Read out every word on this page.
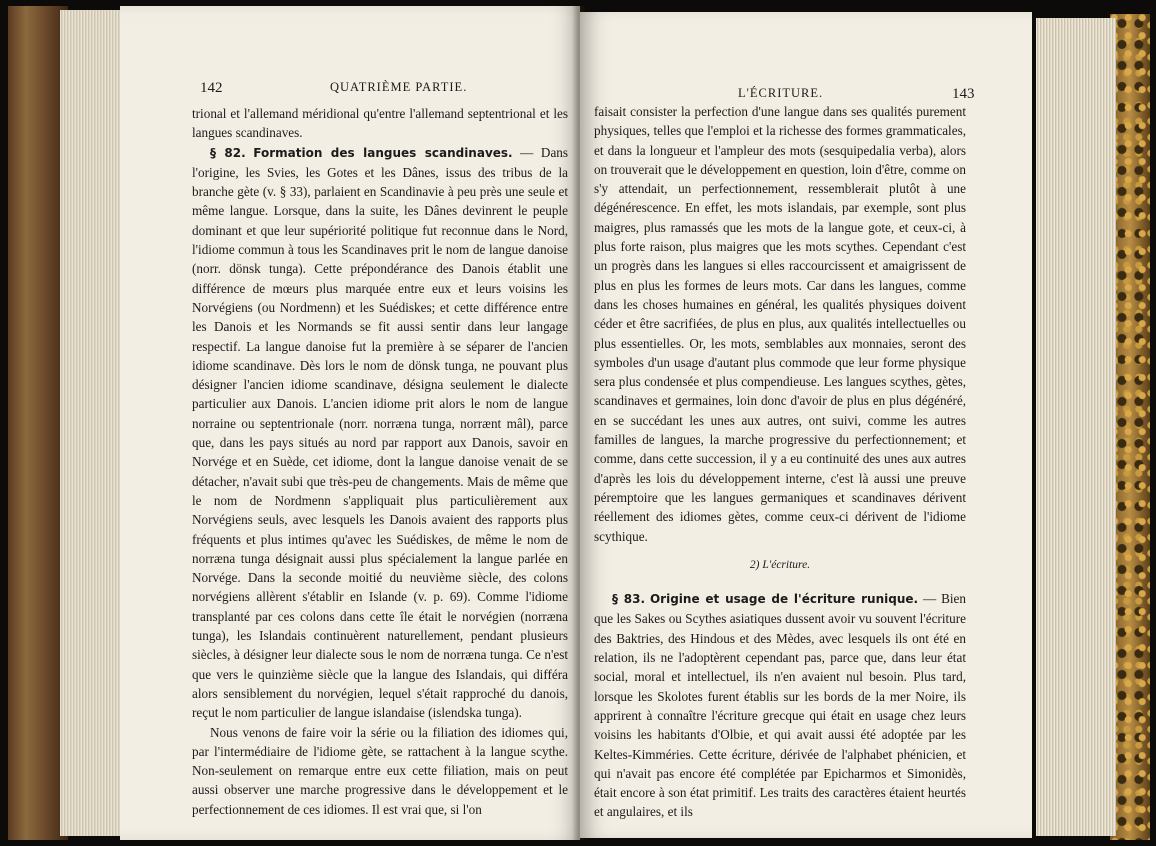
142	QUATRIÈME PARTIE.

trional et l'allemand méridional qu'entre l'allemand septentrional et les langues scandinaves.

§ 82. Formation des langues scandinaves. — Dans l'origine, les Svies, les Gotes et les Dânes, issus des tribus de la branche gète (v. § 33), parlaient en Scandinavie à peu près une seule et même langue. Lorsque, dans la suite, les Dânes devinrent le peuple dominant et que leur supériorité politique fut reconnue dans le Nord, l'idiome commun à tous les Scandinaves prit le nom de langue danoise (norr. dönsk tunga). Cette prépondérance des Danois établit une différence de mœurs plus marquée entre eux et leurs voisins les Norvégiens (ou Nordmenn) et les Suédiskes; et cette différence entre les Danois et les Normands se fit aussi sentir dans leur langage respectif. La langue danoise fut la première à se séparer de l'ancien idiome scandinave. Dès lors le nom de dönsk tunga, ne pouvant plus désigner l'ancien idiome scandinave, désigna seulement le dialecte particulier aux Danois. L'ancien idiome prit alors le nom de langue norraine ou septentrionale (norr. norræna tunga, norrænt mâl), parce que, dans les pays situés au nord par rapport aux Danois, savoir en Norvége et en Suède, cet idiome, dont la langue danoise venait de se détacher, n'avait subi que très-peu de changements. Mais de même que le nom de Nordmenn s'appliquait plus particulièrement aux Norvégiens seuls, avec lesquels les Danois avaient des rapports plus fréquents et plus intimes qu'avec les Suédiskes, de même le nom de norræna tunga désignait aussi plus spécialement la langue parlée en Norvége. Dans la seconde moitié du neuvième siècle, des colons norvégiens allèrent s'établir en Islande (v. p. 69). Comme l'idiome transplanté par ces colons dans cette île était le norvégien (norræna tunga), les Islandais continuèrent naturellement, pendant plusieurs siècles, à désigner leur dialecte sous le nom de norræna tunga. Ce n'est que vers le quinzième siècle que la langue des Islandais, qui différa alors sensiblement du norvégien, lequel s'était rapproché du danois, reçut le nom particulier de langue islandaise (islendska tunga).

Nous venons de faire voir la série ou la filiation des idiomes qui, par l'intermédiaire de l'idiome gète, se rattachent à la langue scythe. Non-seulement on remarque entre eux cette filiation, mais on peut aussi observer une marche progressive dans le développement et le perfectionnement de ces idiomes. Il est vrai que, si l'on

L'ÉCRITURE.	143

faisait consister la perfection d'une langue dans ses qualités purement physiques, telles que l'emploi et la richesse des formes grammaticales, et dans la longueur et l'ampleur des mots (sesquipedalia verba), alors on trouverait que le développement en question, loin d'être, comme on s'y attendait, un perfectionnement, ressemblerait plutôt à une dégénérescence. En effet, les mots islandais, par exemple, sont plus maigres, plus ramassés que les mots de la langue gote, et ceux-ci, à plus forte raison, plus maigres que les mots scythes. Cependant c'est un progrès dans les langues si elles raccourcissent et amaigrissent de plus en plus les formes de leurs mots. Car dans les langues, comme dans les choses humaines en général, les qualités physiques doivent céder et être sacrifiées, de plus en plus, aux qualités intellectuelles ou plus essentielles. Or, les mots, semblables aux monnaies, seront des symboles d'un usage d'autant plus commode que leur forme physique sera plus condensée et plus compendieuse. Les langues scythes, gètes, scandinaves et germaines, loin donc d'avoir de plus en plus dégénéré, en se succédant les unes aux autres, ont suivi, comme les autres familles de langues, la marche progressive du perfectionnement; et comme, dans cette succession, il y a eu continuité des unes aux autres d'après les lois du développement interne, c'est là aussi une preuve péremptoire que les langues germaniques et scandinaves dérivent réellement des idiomes gètes, comme ceux-ci dérivent de l'idiome scythique.

2) L'écriture.

§ 83. Origine et usage de l'écriture runique. — Bien que les Sakes ou Scythes asiatiques dussent avoir vu souvent l'écriture des Baktries, des Hindous et des Mèdes, avec lesquels ils ont été en relation, ils ne l'adoptèrent cependant pas, parce que, dans leur état social, moral et intellectuel, ils n'en avaient nul besoin. Plus tard, lorsque les Skolotes furent établis sur les bords de la mer Noire, ils apprirent à connaître l'écriture grecque qui était en usage chez leurs voisins les habitants d'Olbie, et qui avait aussi été adoptée par les Keltes-Kimméries. Cette écriture, dérivée de l'alphabet phénicien, et qui n'avait pas encore été complétée par Epicharmos et Simonidès, était encore à son état primitif. Les traits des caractères étaient heurtés et angulaires, et ils
